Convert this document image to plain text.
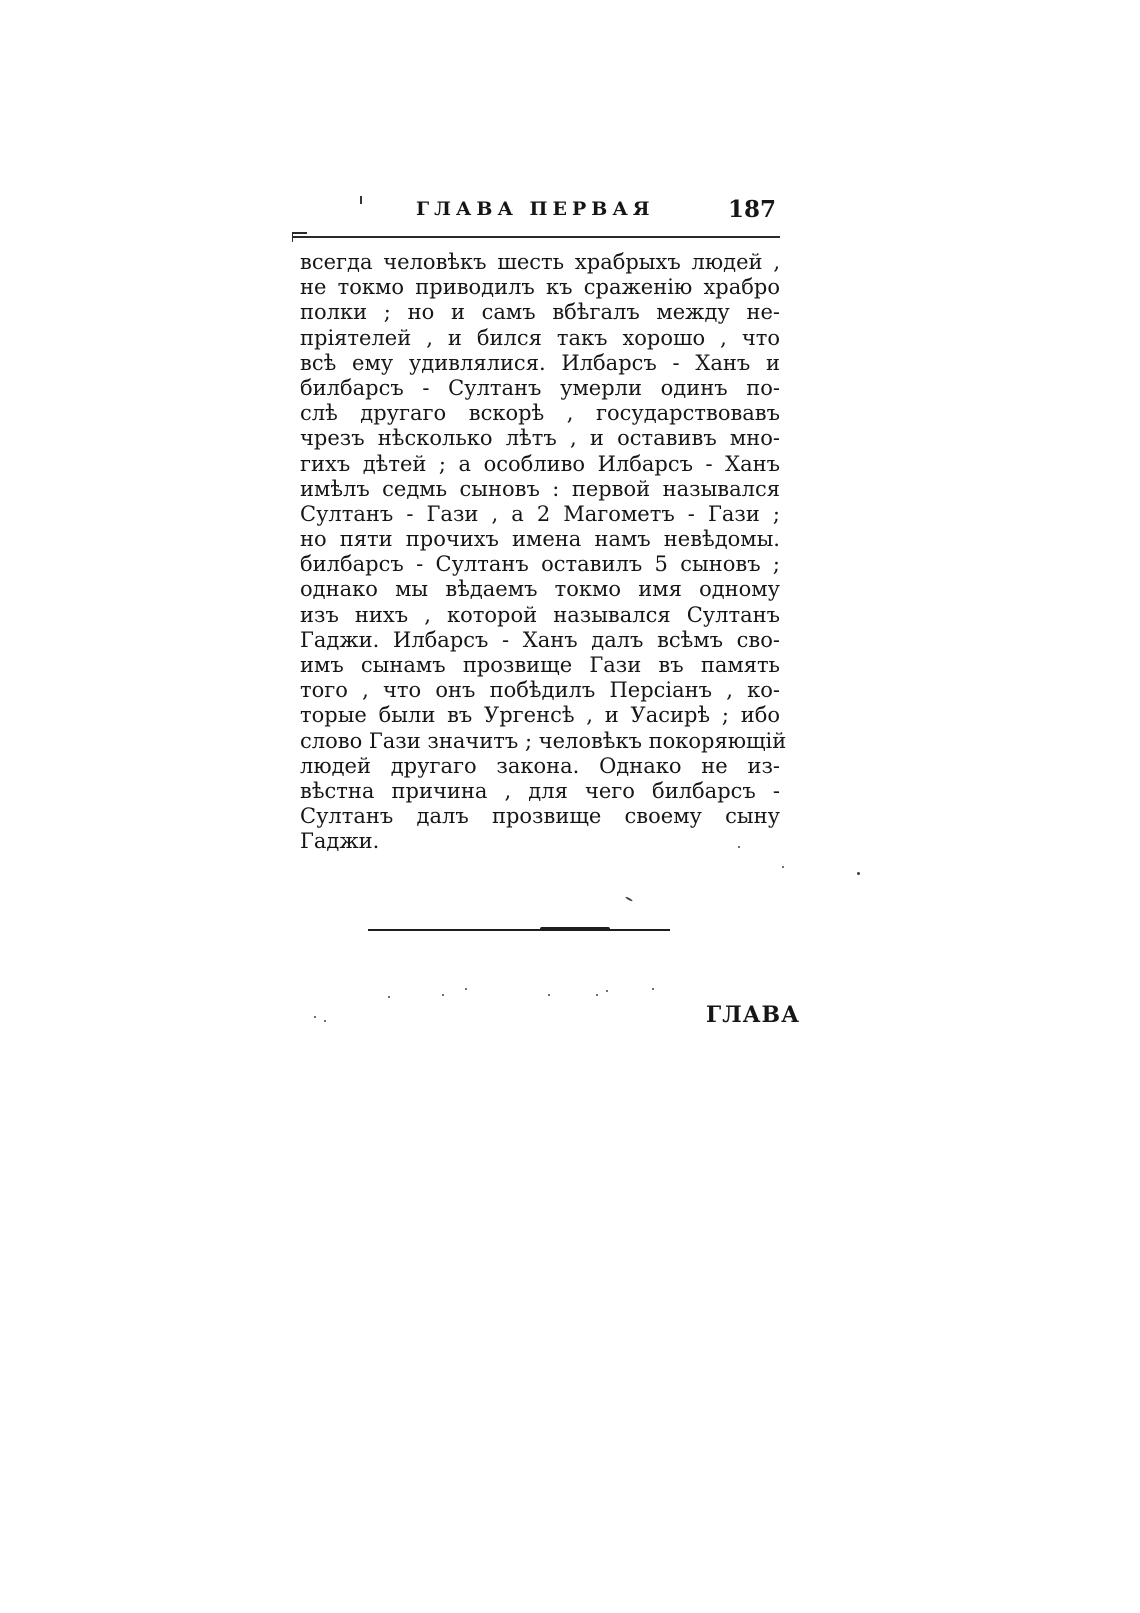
ГЛАВА ПЕРВАЯ	187
всегда человѣкъ шесть храбрыхъ людей ,
не токмо приводилъ къ сраженію храбро
полки ; но и самъ вбѣгалъ между не-
пріятелей , и бился такъ хорошо , что
всѣ ему удивлялися. Илбарсъ - Ханъ и
билбарсъ - Султанъ умерли одинъ по-
слѣ другаго вскорѣ , государствовавъ
чрезъ нѣсколько лѣтъ , и оставивъ мно-
гихъ дѣтей ; а особливо Илбарсъ - Ханъ
имѣлъ седмь сыновъ : первой назывался
Султанъ - Гази , а 2 Магометъ - Гази ;
но пяти прочихъ имена намъ невѣдомы.
билбарсъ - Султанъ оставилъ 5 сыновъ ;
однако мы вѣдаемъ токмо имя одному
изъ нихъ , которой назывался Султанъ
Гаджи. Илбарсъ - Ханъ далъ всѣмъ сво-
имъ сынамъ прозвище Гази въ память
того , что онъ побѣдилъ Персіанъ , ко-
торые были въ Ургенсѣ , и Уасирѣ ; ибо
слово Гази значитъ ; человѣкъ покоряющій
людей другаго закона. Однако не из-
вѣстна причина , для чего билбарсъ -
Султанъ далъ прозвище своему сыну
Гаджи.
ГЛАВА
